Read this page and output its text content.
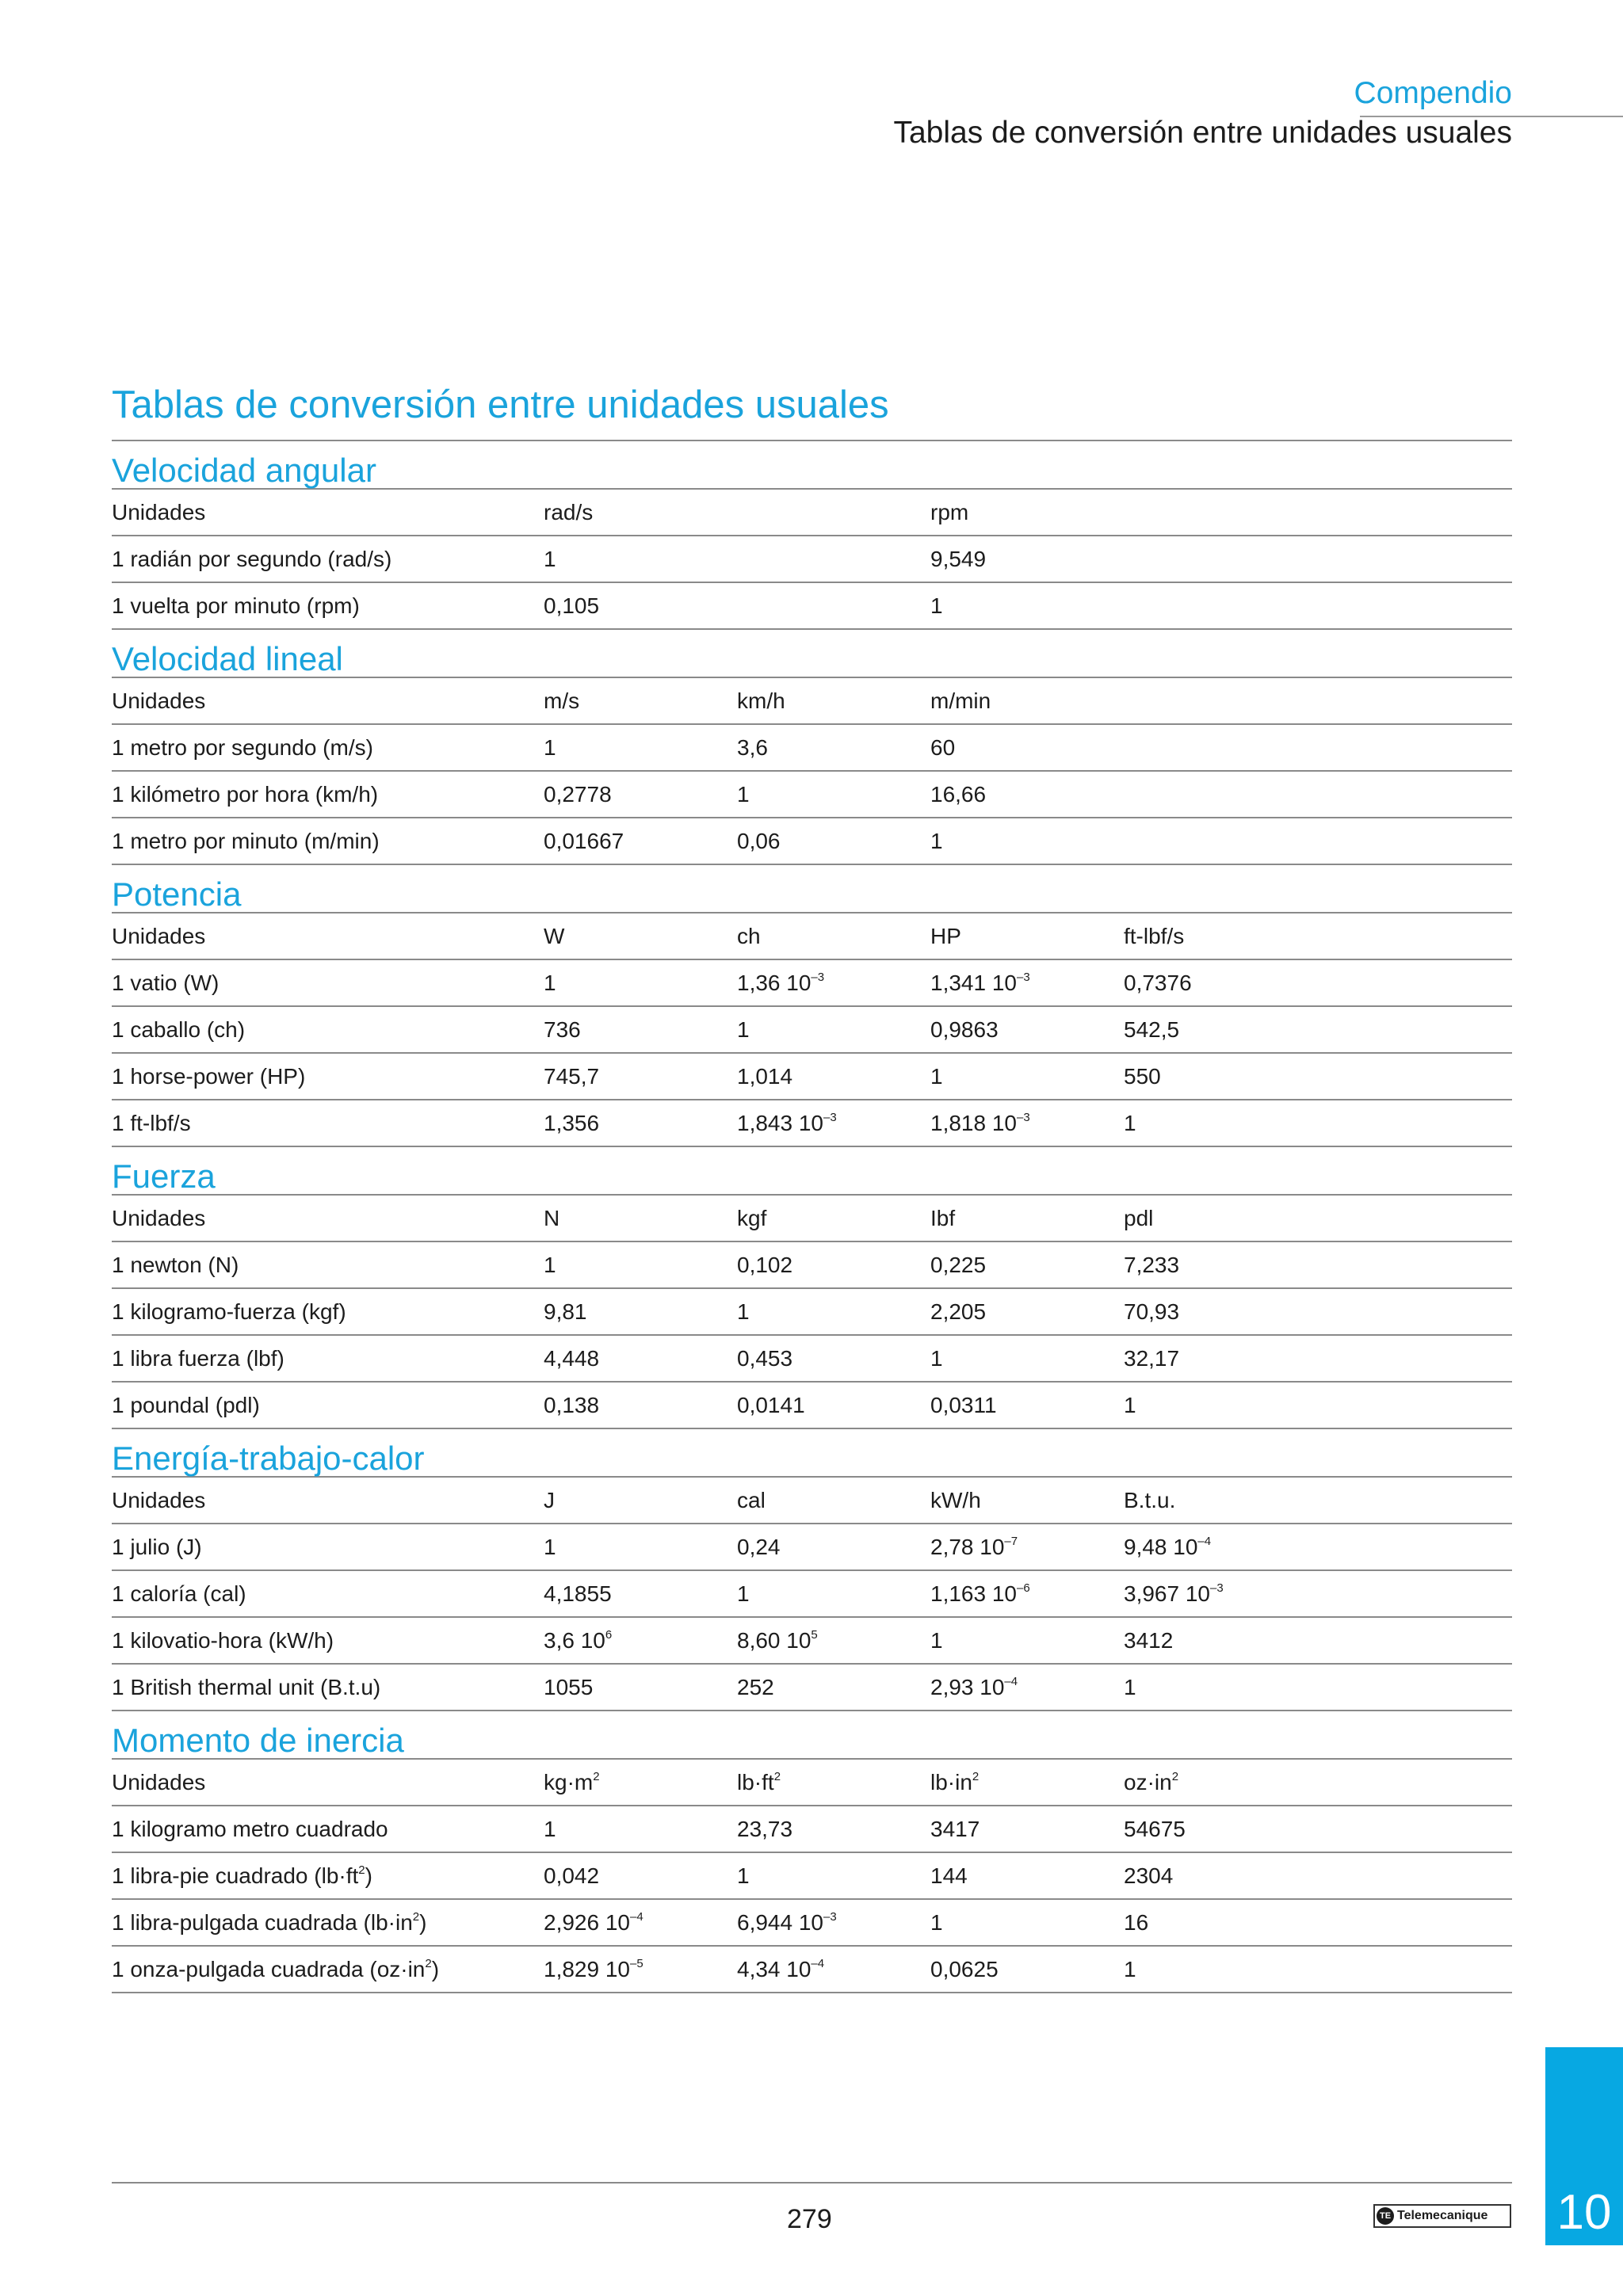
Compendio
Tablas de conversión entre unidades usuales
Tablas de conversión entre unidades usuales
Velocidad angular
Unidades	rad/s		rpm	
1 radián por segundo (rad/s)	1		9,549	
1 vuelta por minuto (rpm)	0,105		1	
Velocidad lineal
Unidades	m/s	km/h	m/min	
1 metro por segundo (m/s)	1	3,6	60	
1 kilómetro por hora (km/h)	0,2778	1	16,66	
1 metro por minuto (m/min)	0,01667	0,06	1	
Potencia
Unidades	W	ch	HP	ft-lbf/s
1 vatio (W)	1	1,36 $10^{-3}$	1,341 $10^{-3}$	0,7376
1 caballo (ch)	736	1	0,9863	542,5
1 horse-power (HP)	745,7	1,014	1	550
1 ft-lbf/s	1,356	1,843 $10^{-3}$	1,818 $10^{-3}$	1
Fuerza
Unidades	N	kgf	Ibf	pdl
1 newton (N)	1	0,102	0,225	7,233
1 kilogramo-fuerza (kgf)	9,81	1	2,205	70,93
1 libra fuerza (lbf)	4,448	0,453	1	32,17
1 poundal (pdl)	0,138	0,0141	0,0311	1
Energía-trabajo-calor
Unidades	J	cal	kW/h	B.t.u.
1 julio (J)	1	0,24	2,78 $10^{-7}$	9,48 $10^{-4}$
1 caloría (cal)	4,1855	1	1,163 $10^{-6}$	3,967 $10^{-3}$
1 kilovatio-hora (kW/h)	3,6 $10^6$	8,60 $10^5$	1	3412
1 British thermal unit (B.t.u)	1055	252	2,93 $10^{-4}$	1
Momento de inercia
Unidades	$kg\cdot m^2$	$lb\cdot ft^2$	$lb\cdot in^2$	$oz\cdot in^2$
1 kilogramo metro cuadrado	1	23,73	3417	54675
1 libra-pie cuadrado $(lb\cdot ft^2)$	0,042	1	144	2304
1 libra-pulgada cuadrada $(lb\cdot in^2)$	2,926 $10^{-4}$	6,944 $10^{-3}$	1	16
1 onza-pulgada cuadrada $(oz\cdot in^2)$	1,829 $10^{-5}$	4,34 $10^{-4}$	0,0625	1
279	TE Telemecanique 10
